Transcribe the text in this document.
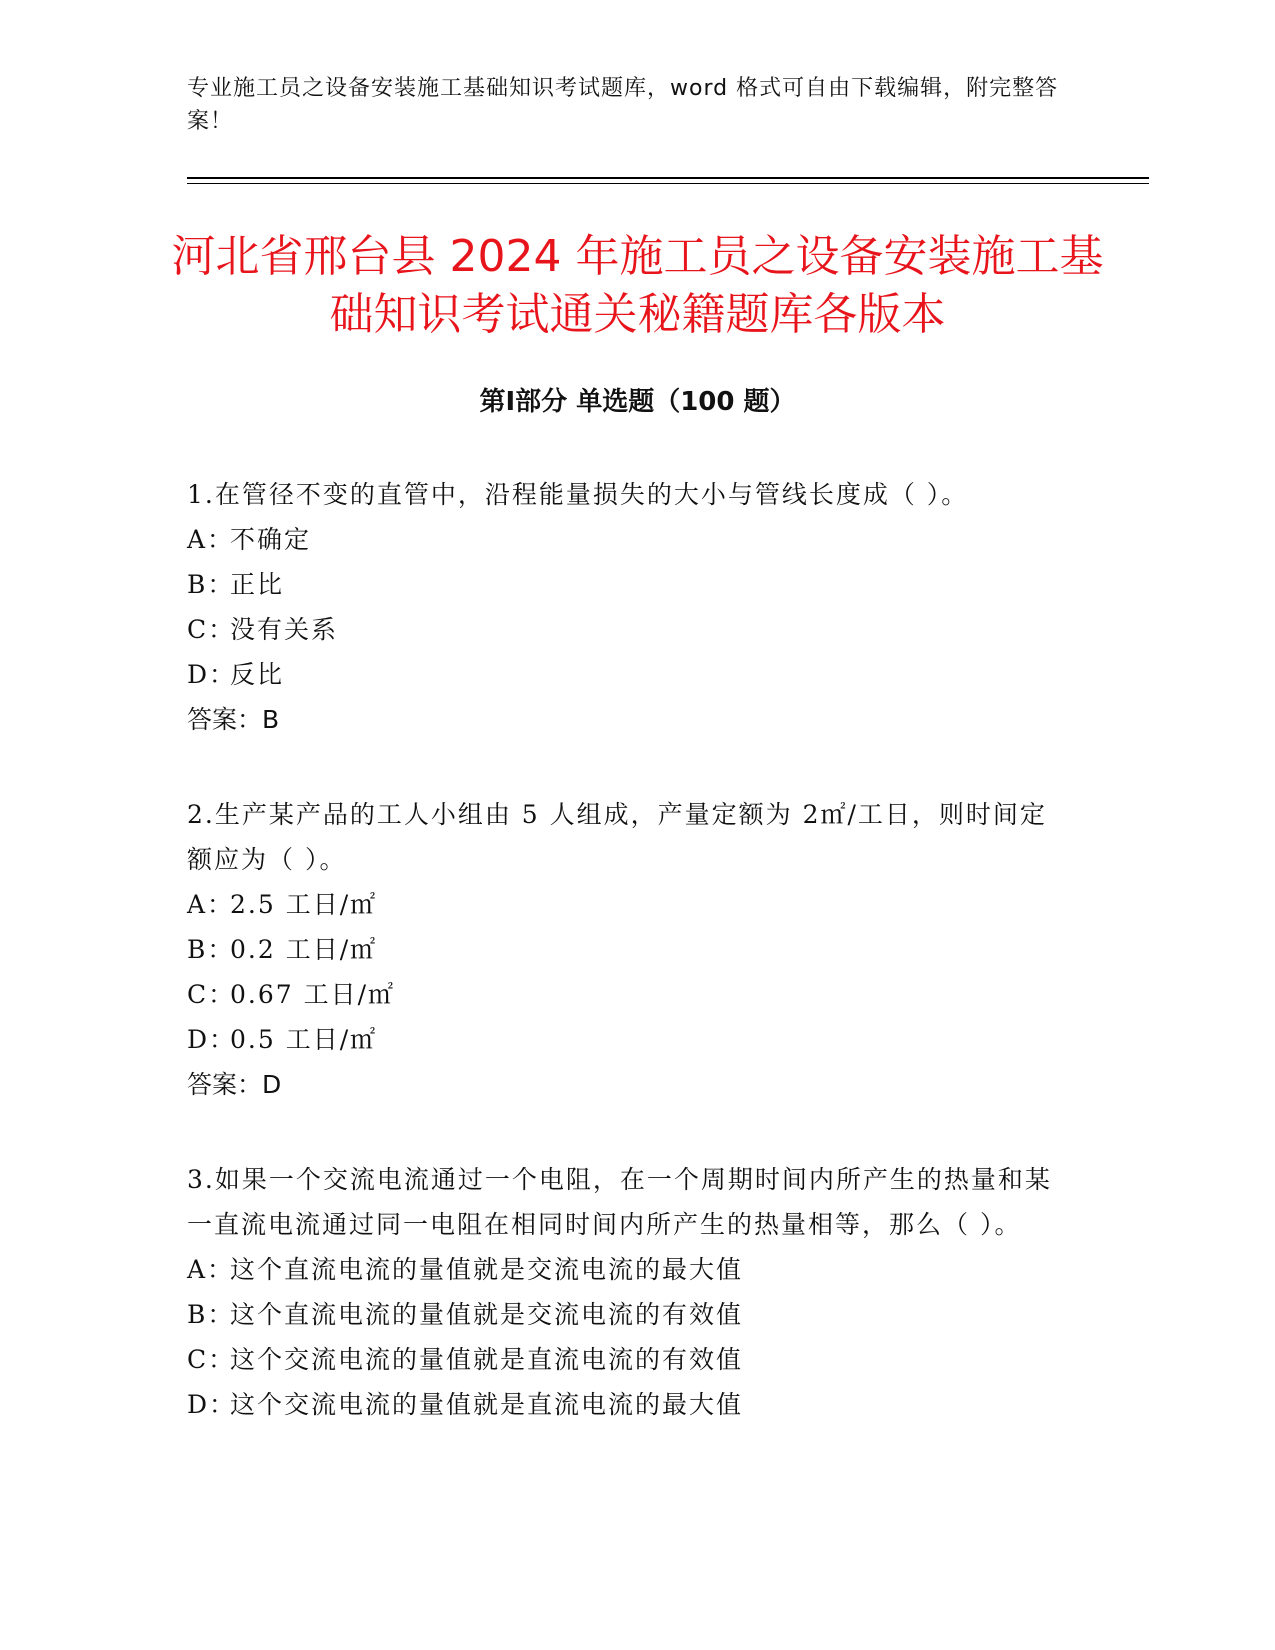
专业施工员之设备安装施工基础知识考试题库，word 格式可自由下载编辑，附完整答案！
河北省邢台县 2024 年施工员之设备安装施工基础知识考试通关秘籍题库各版本
第Ⅰ部分 单选题（100 题）

1.在管径不变的直管中，沿程能量损失的大小与管线长度成（ ）。

A：不确定

B：正比

C：没有关系

D：反比

答案：B

2.生产某产品的工人小组由 5 人组成，产量定额为 2㎡/工日，则时间定额应为（ ）。

A：2.5 工日/㎡

B：0.2 工日/㎡

C：0.67 工日/㎡

D：0.5 工日/㎡

答案：D

3.如果一个交流电流通过一个电阻，在一个周期时间内所产生的热量和某一直流电流通过同一电阻在相同时间内所产生的热量相等，那么（ ）。

A：这个直流电流的量值就是交流电流的最大值

B：这个直流电流的量值就是交流电流的有效值

C：这个交流电流的量值就是直流电流的有效值

D：这个交流电流的量值就是直流电流的最大值
